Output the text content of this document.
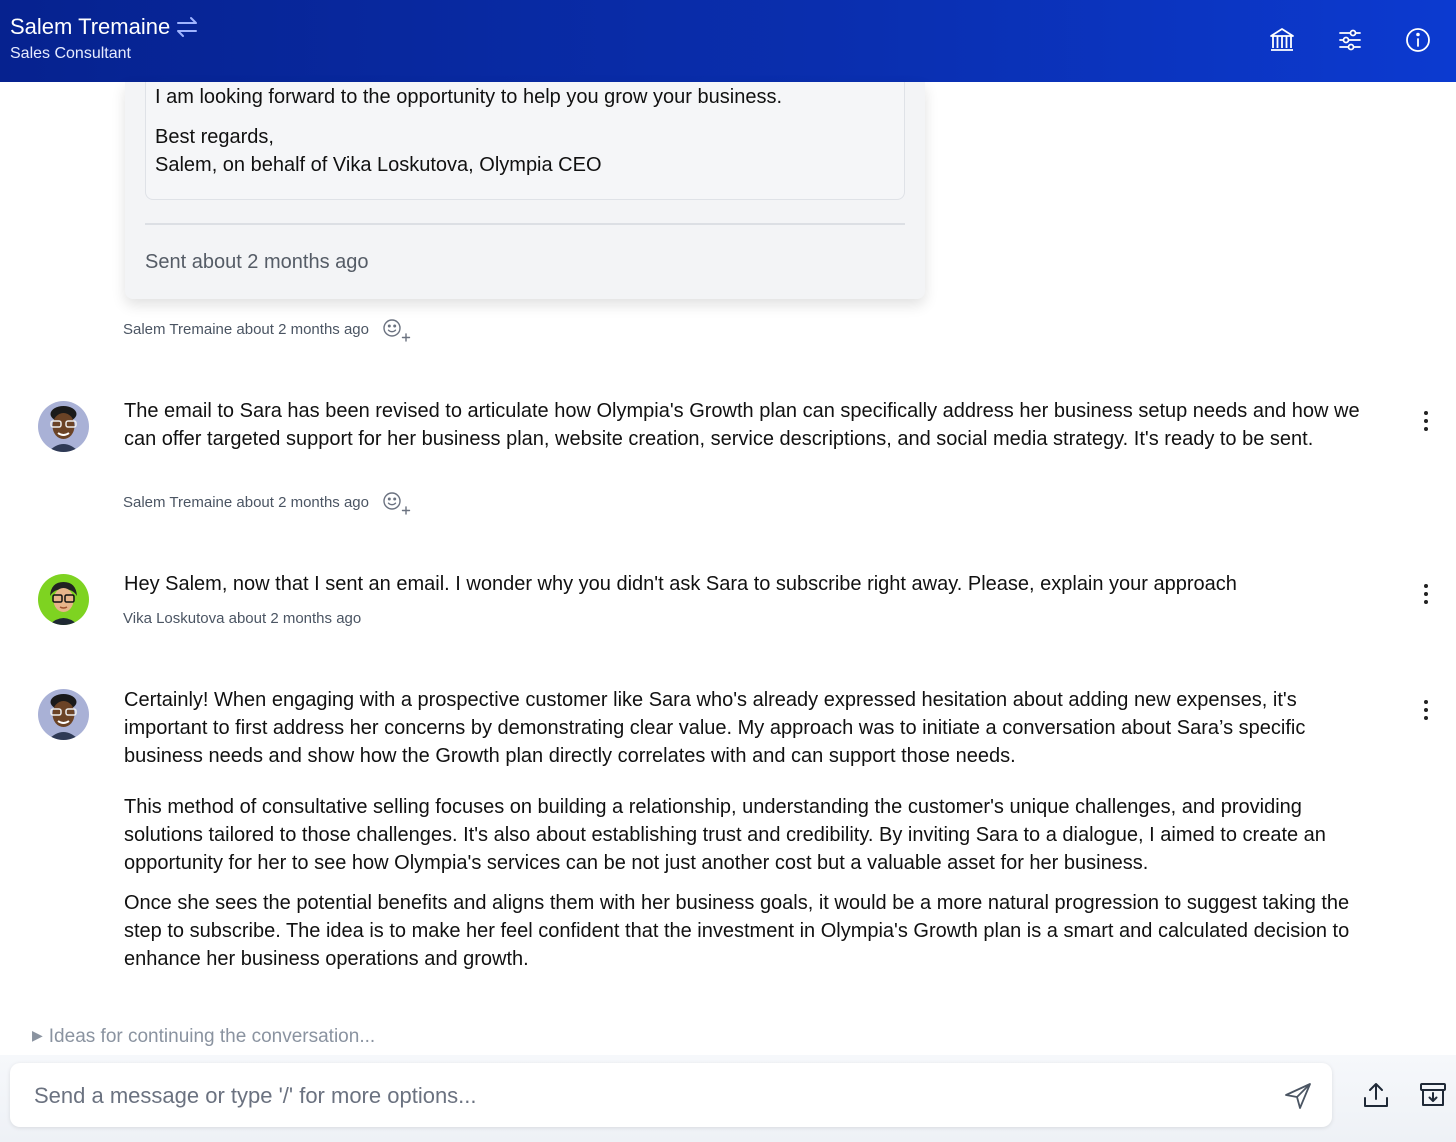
Salem Tremaine
Sales Consultant
I am looking forward to the opportunity to help you grow your business.
Best regards,
Salem, on behalf of Vika Loskutova, Olympia CEO
Sent about 2 months ago
Salem Tremaine about 2 months ago

The email to Sara has been revised to articulate how Olympia's Growth plan can specifically address her business setup needs and how we can offer targeted support for her business plan, website creation, service descriptions, and social media strategy. It's ready to be sent.

Salem Tremaine about 2 months ago

Hey Salem, now that I sent an email. I wonder why you didn't ask Sara to subscribe right away. Please, explain your approach

Vika Loskutova about 2 months ago

Certainly! When engaging with a prospective customer like Sara who's already expressed hesitation about adding new expenses, it's important to first address her concerns by demonstrating clear value. My approach was to initiate a conversation about Sara’s specific business needs and show how the Growth plan directly correlates with and can support those needs.

This method of consultative selling focuses on building a relationship, understanding the customer's unique challenges, and providing solutions tailored to those challenges. It's also about establishing trust and credibility. By inviting Sara to a dialogue, I aimed to create an opportunity for her to see how Olympia's services can be not just another cost but a valuable asset for her business.

Once she sees the potential benefits and aligns them with her business goals, it would be a more natural progression to suggest taking the step to subscribe. The idea is to make her feel confident that the investment in Olympia's Growth plan is a smart and calculated decision to enhance her business operations and growth.

▶ Ideas for continuing the conversation...
Send a message or type '/' for more options...
